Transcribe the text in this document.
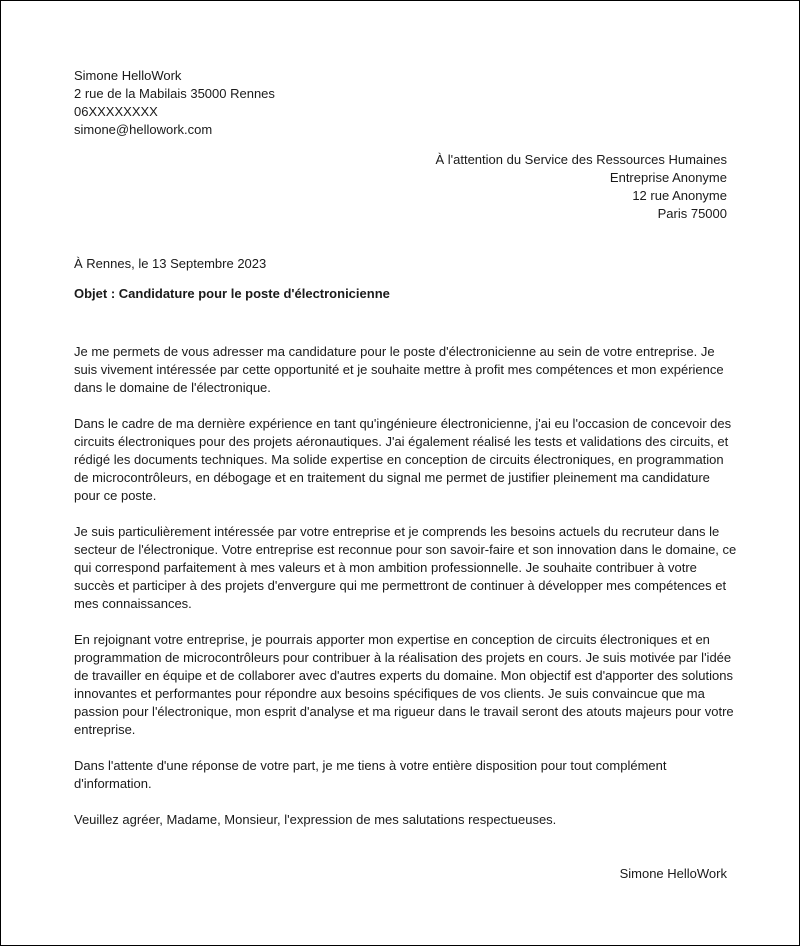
Simone HelloWork
2 rue de la Mabilais 35000 Rennes
06XXXXXXXX
simone@hellowork.com
À l'attention du Service des Ressources Humaines
Entreprise Anonyme
12 rue Anonyme
Paris 75000
À Rennes, le 13 Septembre 2023
Objet : Candidature pour le poste d'électronicienne

Je me permets de vous adresser ma candidature pour le poste d'électronicienne au sein de votre entreprise. Je
suis vivement intéressée par cette opportunité et je souhaite mettre à profit mes compétences et mon expérience
dans le domaine de l'électronique.

Dans le cadre de ma dernière expérience en tant qu'ingénieure électronicienne, j'ai eu l'occasion de concevoir des
circuits électroniques pour des projets aéronautiques. J'ai également réalisé les tests et validations des circuits, et
rédigé les documents techniques. Ma solide expertise en conception de circuits électroniques, en programmation
de microcontrôleurs, en débogage et en traitement du signal me permet de justifier pleinement ma candidature
pour ce poste.

Je suis particulièrement intéressée par votre entreprise et je comprends les besoins actuels du recruteur dans le
secteur de l'électronique. Votre entreprise est reconnue pour son savoir-faire et son innovation dans le domaine, ce
qui correspond parfaitement à mes valeurs et à mon ambition professionnelle. Je souhaite contribuer à votre
succès et participer à des projets d'envergure qui me permettront de continuer à développer mes compétences et
mes connaissances.

En rejoignant votre entreprise, je pourrais apporter mon expertise en conception de circuits électroniques et en
programmation de microcontrôleurs pour contribuer à la réalisation des projets en cours. Je suis motivée par l'idée
de travailler en équipe et de collaborer avec d'autres experts du domaine. Mon objectif est d'apporter des solutions
innovantes et performantes pour répondre aux besoins spécifiques de vos clients. Je suis convaincue que ma
passion pour l'électronique, mon esprit d'analyse et ma rigueur dans le travail seront des atouts majeurs pour votre
entreprise.

Dans l'attente d'une réponse de votre part, je me tiens à votre entière disposition pour tout complément
d'information.

Veuillez agréer, Madame, Monsieur, l'expression de mes salutations respectueuses.

Simone HelloWork
